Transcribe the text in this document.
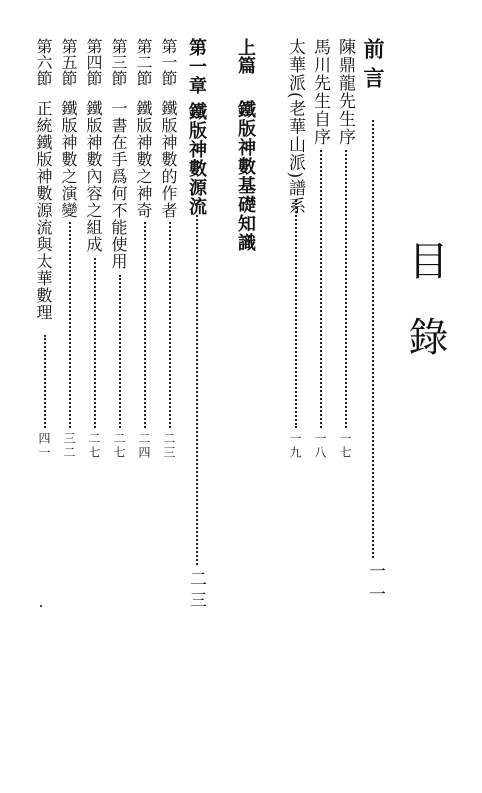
目錄
前言
一一
陳鼎龍先生序
一七
馬川先生自序
一八
太華派(老華山派)譜系
一九
上篇
鐵版神數基礎知識
第一章 鐵版神數源流
二三
第一節
鐵版神數的作者
二三
第二節
鐵版神數之神奇
二四
第三節
一書在手爲何不能使用
二七
第四節
鐵版神數內容之組成
二七
第五節
鐵版神數之演變
三二
第六節
正統鐵版神數源流與太華數理
四一
